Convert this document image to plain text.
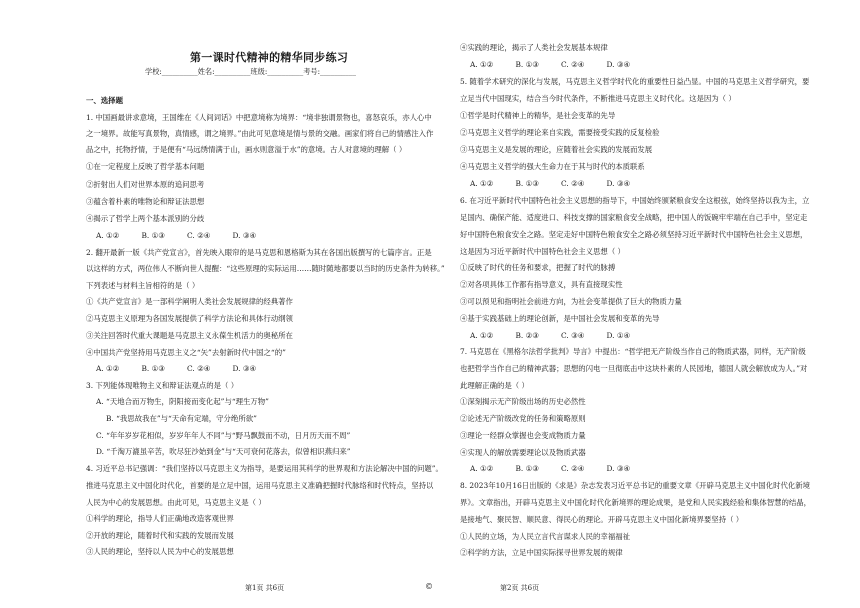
第一课时代精神的精华同步练习
学校:__________姓名:__________班级:__________考号:__________
一、选择题
1. 中国画最讲求意境，王国维在《人间词话》中把意境称为境界：“境非独谓景物也，喜怒哀乐，亦人心中
之一境界。故能写真景物，真情感，谓之境界。”由此可见意境是情与景的交融。画家们将自己的情感注入作
品之中，托物抒情，于是便有“马远绣情满于山，画水则意溢于水”的意境。古人对意境的理解（ ）
①在一定程度上反映了哲学基本问题
②折射出人们对世界本原的追问思考
③蕴含着朴素的唯物论和辩证法思想
④揭示了哲学上两个基本派别的分歧
A. ①②　　　B. ①③　　　C. ②④　　　D. ③④
2. 翻开最新一版《共产党宣言》，首先映入眼帘的是马克思和恩格斯为其在各国出版撰写的七篇序言。正是
以这样的方式，两位伟人不断向世人提醒：“这些原理的实际运用……随时随地都要以当时的历史条件为转移。”
下列表述与材料主旨相符的是（ ）
①《共产党宣言》是一部科学阐明人类社会发展规律的经典著作
②马克思主义原理为各国发展提供了科学方法论和具体行动纲领
③关注回答时代重大课题是马克思主义永葆生机活力的奥秘所在
④中国共产党坚持用马克思主义之“矢”去射新时代中国之“的”
A. ①②　　　B. ①③　　　C. ②④　　　D. ③④
3. 下列能体现唯物主义和辩证法观点的是（ ）
A. “天地合而万物生，阴阳接而变化起”与“理生万物”
B. “我思故我在”与“天命有定端，守分绝所欲”
C. “年年岁岁花相似，岁岁年年人不同”与“野马飘鼓而不动，日月历天而不周”
D. “千淘万漉虽辛苦，吹尽狂沙始到金”与“天可衰何花落去，似曾相识燕归来”
4. 习近平总书记强调：“我们坚持以马克思主义为指导，是要运用其科学的世界观和方法论解决中国的问题”。
推进马克思主义中国化时代化，首要的是立足中国，运用马克思主义准确把握时代脉络和时代特点，坚持以
人民为中心的发展思想。由此可见，马克思主义是（ ）
①科学的理论，指导人们正确地改造客观世界
②开放的理论，随着时代和实践的发展而发展
③人民的理论，坚持以人民为中心的发展思想
④实践的理论，揭示了人类社会发展基本规律
A. ①②　　　B. ①③　　　C. ②④　　　D. ③④
5. 随着学术研究的深化与发展，马克思主义哲学时代化的重要性日益凸显。中国的马克思主义哲学研究，要
立足当代中国现实，结合当今时代条件，不断推进马克思主义时代化。这是因为（ ）
①哲学是时代精神上的精华，是社会变革的先导
②马克思主义哲学的理论来自实践，需要接受实践的反复检验
③马克思主义是发展的理论，应随着社会实践的发展而发展
④马克思主义哲学的强大生命力在于其与时代的本质联系
A. ①②　　　B. ①③　　　C. ②④　　　D. ③④
6. 在习近平新时代中国特色社会主义思想的指导下，中国始终颁紧粮食安全这根弦，始终坚持以我为主，立
足国内、确保产能、适度进口、科技支撑的国家粮食安全战略，把中国人的饭碗牢牢端在自己手中，坚定走
好中国特色粮食安全之路。坚定走好中国特色粮食安全之路必须坚持习近平新时代中国特色社会主义思想，
这是因为习近平新时代中国特色社会主义思想（ ）
①反映了时代的任务和要求，把握了时代的脉搏
②对各项具体工作都有指导意义，具有直接现实性
③可以预见和指明社会前进方向，为社会变革提供了巨大的物质力量
④基于实践基础上的理论创新，是中国社会发展和变革的先导
A. ①②　　　B. ②③　　　C. ③④　　　D. ①④
7. 马克思在《黑格尔法哲学批判》导言》中提出：“哲学把无产阶级当作自己的物质武器，同样，无产阶级
也把哲学当作自己的精神武器；思想的闪电一旦彻底击中这块朴素的人民园地，德国人就会解放成为人。”对
此理解正确的是（ ）
①深刻揭示无产阶级出场的历史必然性
②论述无产阶级改党的任务和策略原则
③理论一经群众掌握也会变成物质力量
④实现人的解放需要理论以及物质武器
A. ①②　　　B. ①③　　　C. ②④　　　D. ③④
8. 2023年10月16日出版的《求是》杂志发表习近平总书记的重要文章《开辟马克思主义中国化时代化新境
界》。文章指出，开辟马克思主义中国化时代化新境界的理论成果，是党和人民实践经验和集体智慧的结晶，
是接地气、聚民智、顺民意、得民心的理论。开辟马克思主义中国化新境界要坚持（ ）
①人民的立场，为人民立言代言谋求人民的幸福福祉
②科学的方法，立足中国实际探寻世界发展的规律
第1页 共6页	©	第2页 共6页
